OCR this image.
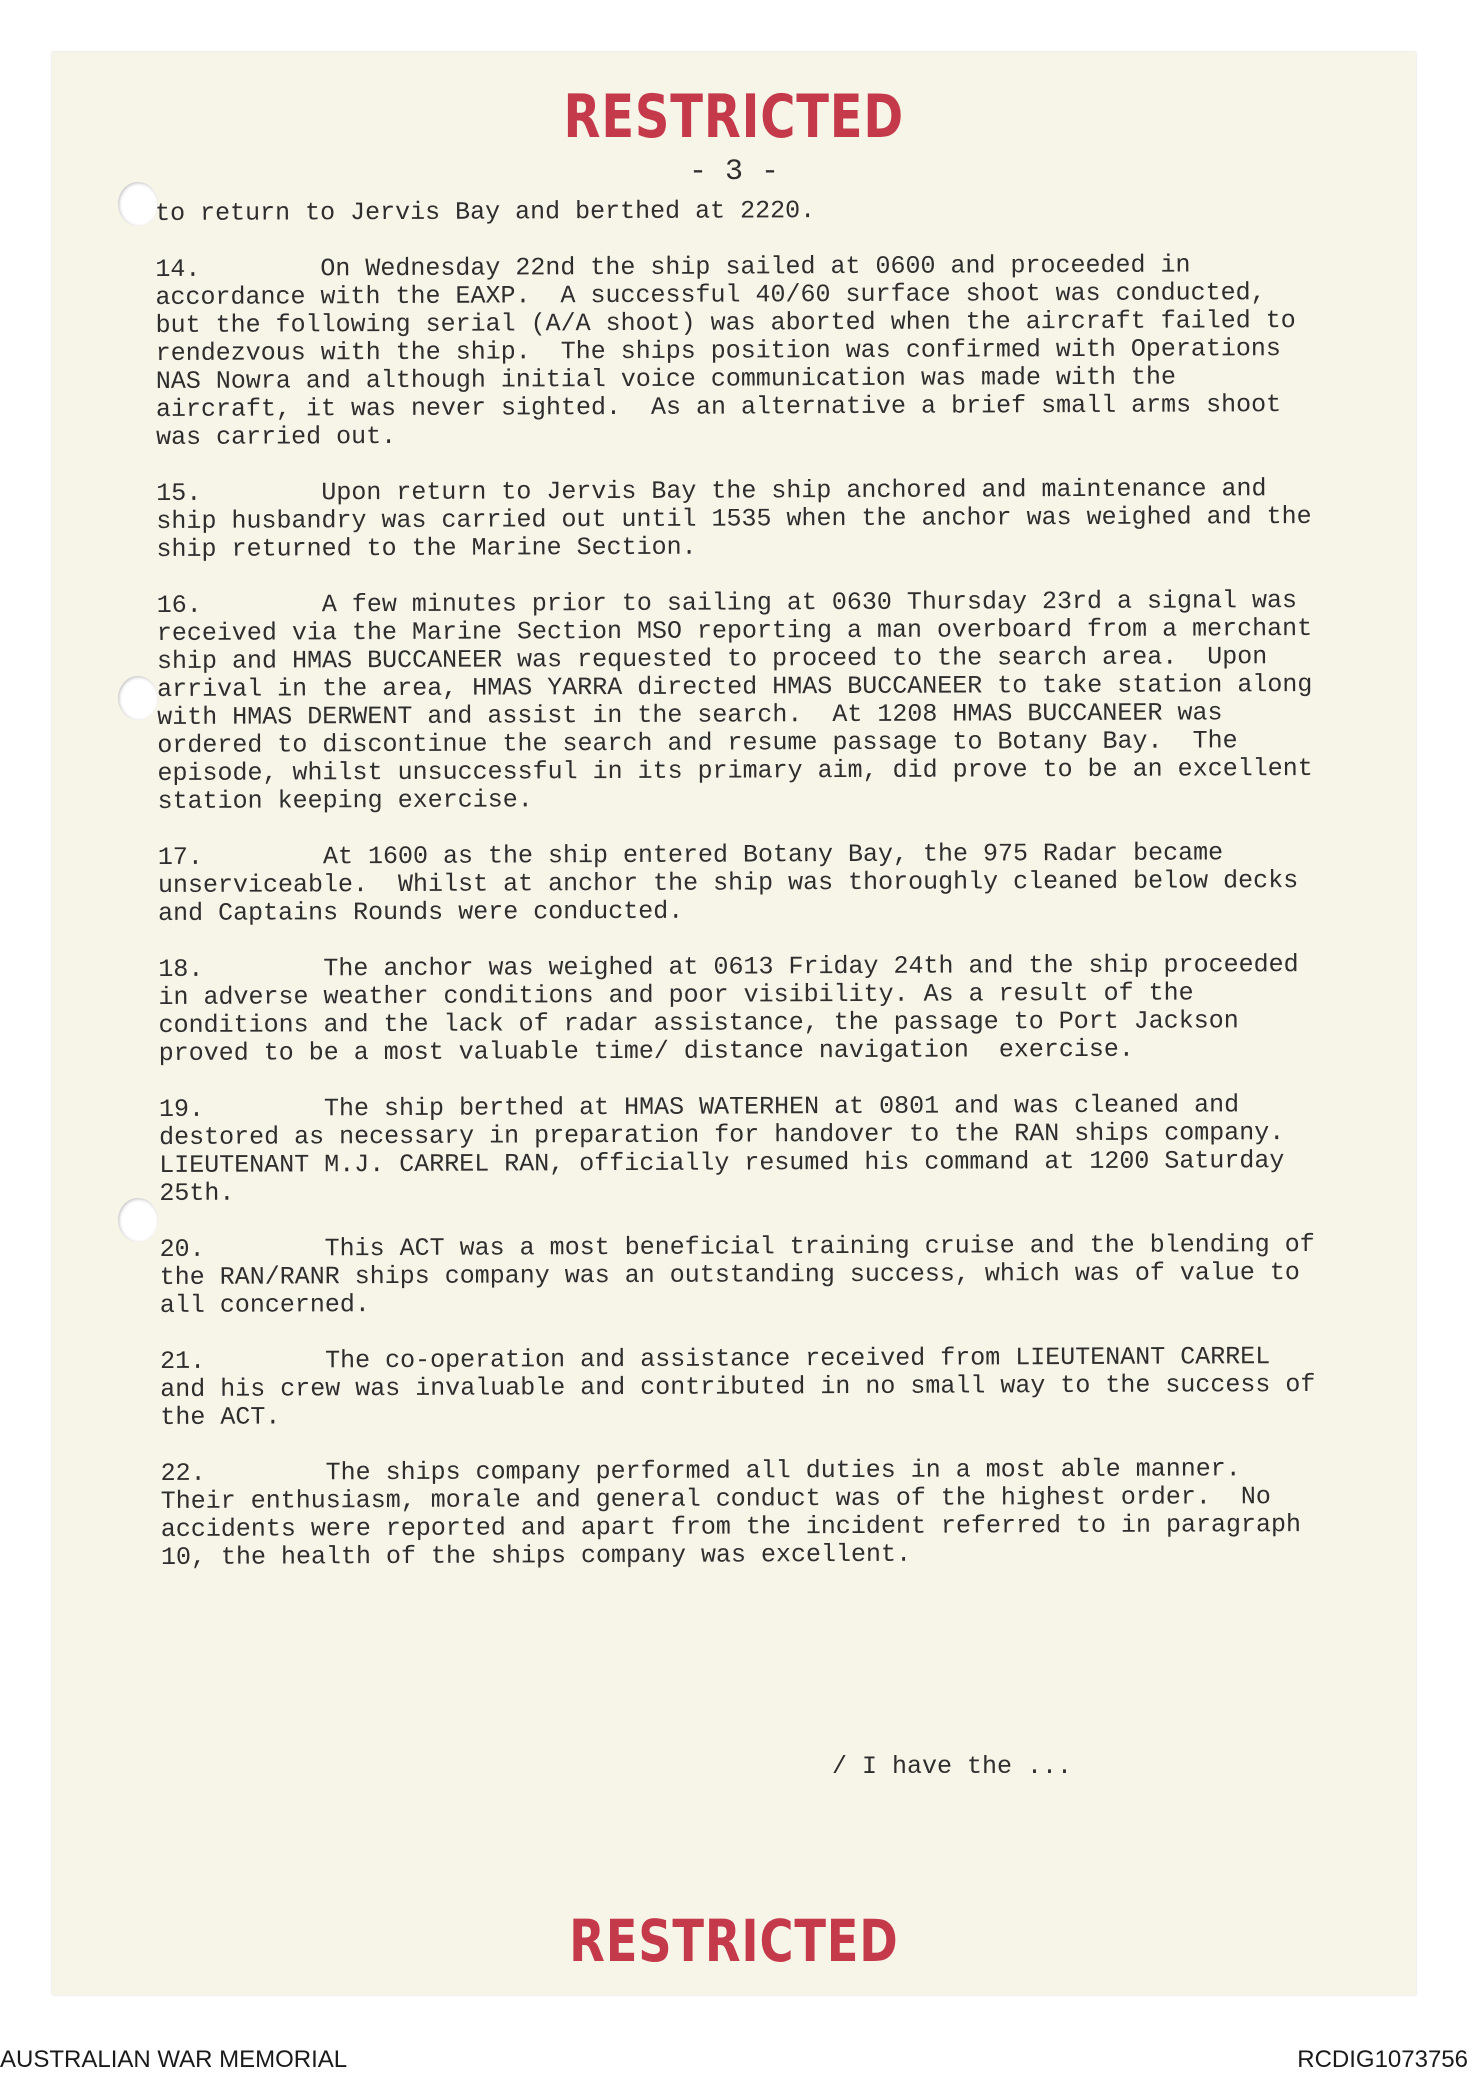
RESTRICTED
- 3 -

to return to Jervis Bay and berthed at 2220.

14.	On Wednesday 22nd the ship sailed at 0600 and proceeded in accordance with the EAXP.  A successful 40/60 surface shoot was conducted, but the following serial (A/A shoot) was aborted when the aircraft failed to rendezvous with the ship.  The ships position was confirmed with Operations NAS Nowra and although initial voice communication was made with the aircraft, it was never sighted.  As an alternative a brief small arms shoot was carried out.

15.	Upon return to Jervis Bay the ship anchored and maintenance and ship husbandry was carried out until 1535 when the anchor was weighed and the ship returned to the Marine Section.

16.	A few minutes prior to sailing at 0630 Thursday 23rd a signal was received via the Marine Section MSO reporting a man overboard from a merchant ship and HMAS BUCCANEER was requested to proceed to the search area.  Upon arrival in the area, HMAS YARRA directed HMAS BUCCANEER to take station along with HMAS DERWENT and assist in the search.  At 1208 HMAS BUCCANEER was ordered to discontinue the search and resume passage to Botany Bay.  The episode, whilst unsuccessful in its primary aim, did prove to be an excellent station keeping exercise.

17.	At 1600 as the ship entered Botany Bay, the 975 Radar became unserviceable.  Whilst at anchor the ship was thoroughly cleaned below decks and Captains Rounds were conducted.

18.	The anchor was weighed at 0613 Friday 24th and the ship proceeded in adverse weather conditions and poor visibility. As a result of the conditions and the lack of radar assistance, the passage to Port Jackson proved to be a most valuable time/ distance navigation  exercise.

19.	The ship berthed at HMAS WATERHEN at 0801 and was cleaned and destored as necessary in preparation for handover to the RAN ships company.  LIEUTENANT M.J. CARREL RAN, officially resumed his command at 1200 Saturday 25th.

20.	This ACT was a most beneficial training cruise and the blending of the RAN/RANR ships company was an outstanding success, which was of value to all concerned.

21.	The co-operation and assistance received from LIEUTENANT CARREL and his crew was invaluable and contributed in no small way to the success of the ACT.

22.	The ships company performed all duties in a most able manner.  Their enthusiasm, morale and general conduct was of the highest order.  No accidents were reported and apart from the incident referred to in paragraph 10, the health of the ships company was excellent.

/ I have the ...
RESTRICTED
AUSTRALIAN WAR MEMORIAL	RCDIG1073756
